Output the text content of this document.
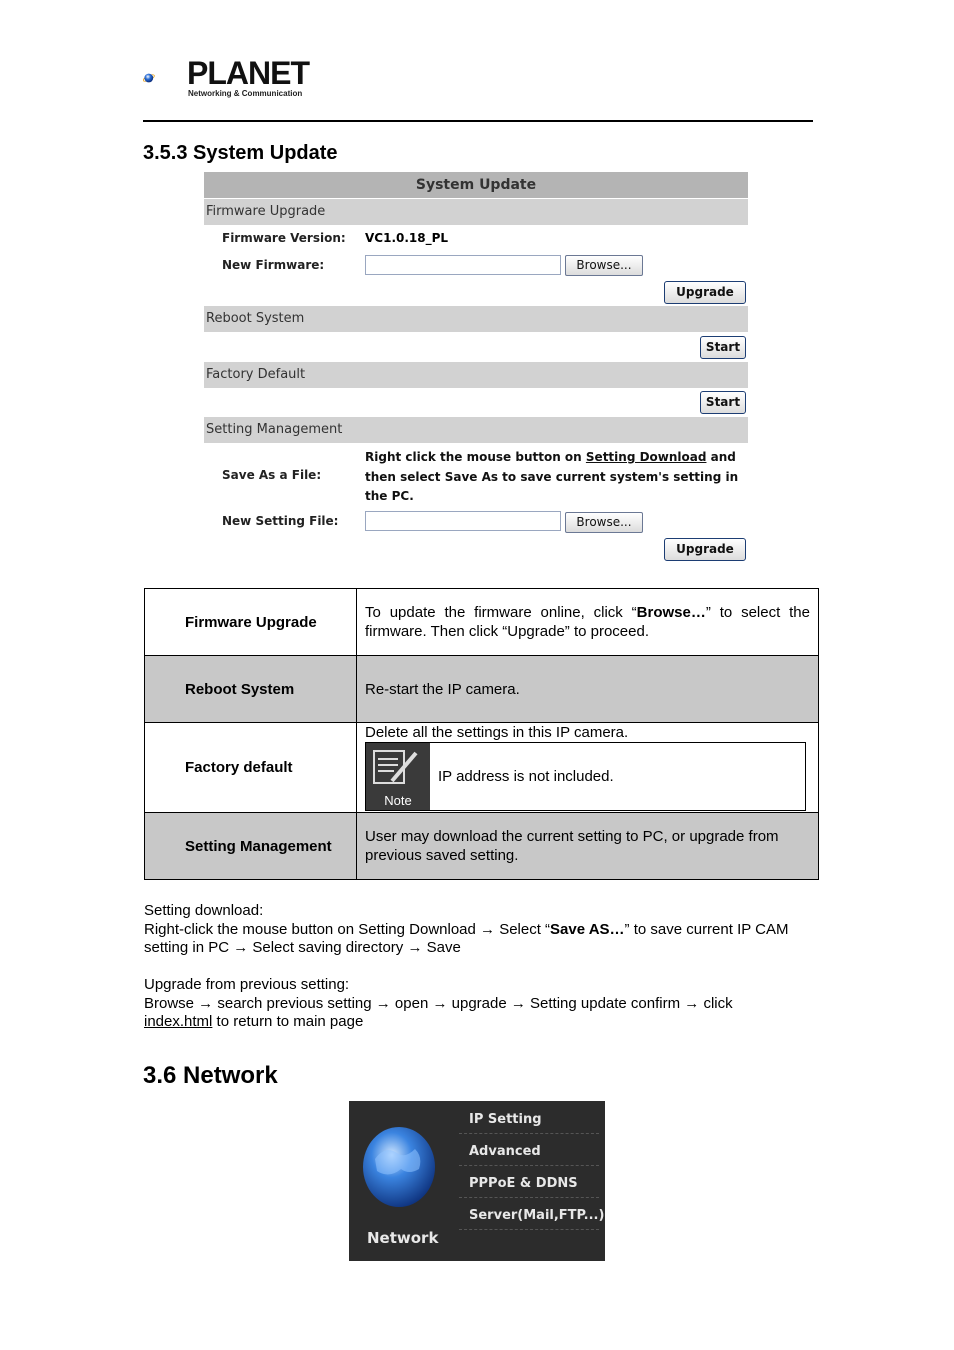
PLANET
Networking & Communication
3.5.3 System Update
System Update
Firmware Upgrade
Firmware Version: VC1.0.18_PL
New Firmware:	Browse...
Upgrade
Reboot System
Start
Factory Default
Start
Setting Management
Save As a File:
Right click the mouse button on Setting Download and then select Save As to save current system's setting in the PC.
New Setting File:	Browse...
Upgrade
Firmware Upgrade	To update the firmware online, click “Browse…” to select the firmware. Then click “Upgrade” to proceed.
Reboot System	Re-start the IP camera.
Factory default	Delete all the settings in this IP camera.
Note
IP address is not included.

Setting Management	User may download the current setting to PC, or upgrade from previous saved setting.
Setting download:
Right-click the mouse button on Setting Download → Select “Save AS…” to save current IP CAM setting in PC → Select saving directory → Save
Upgrade from previous setting:
Browse → search previous setting → open → upgrade → Setting update confirm → click
index.html to return to main page
3.6 Network
Network
IP Setting
Advanced
PPPoE & DDNS
Server(Mail,FTP...)
